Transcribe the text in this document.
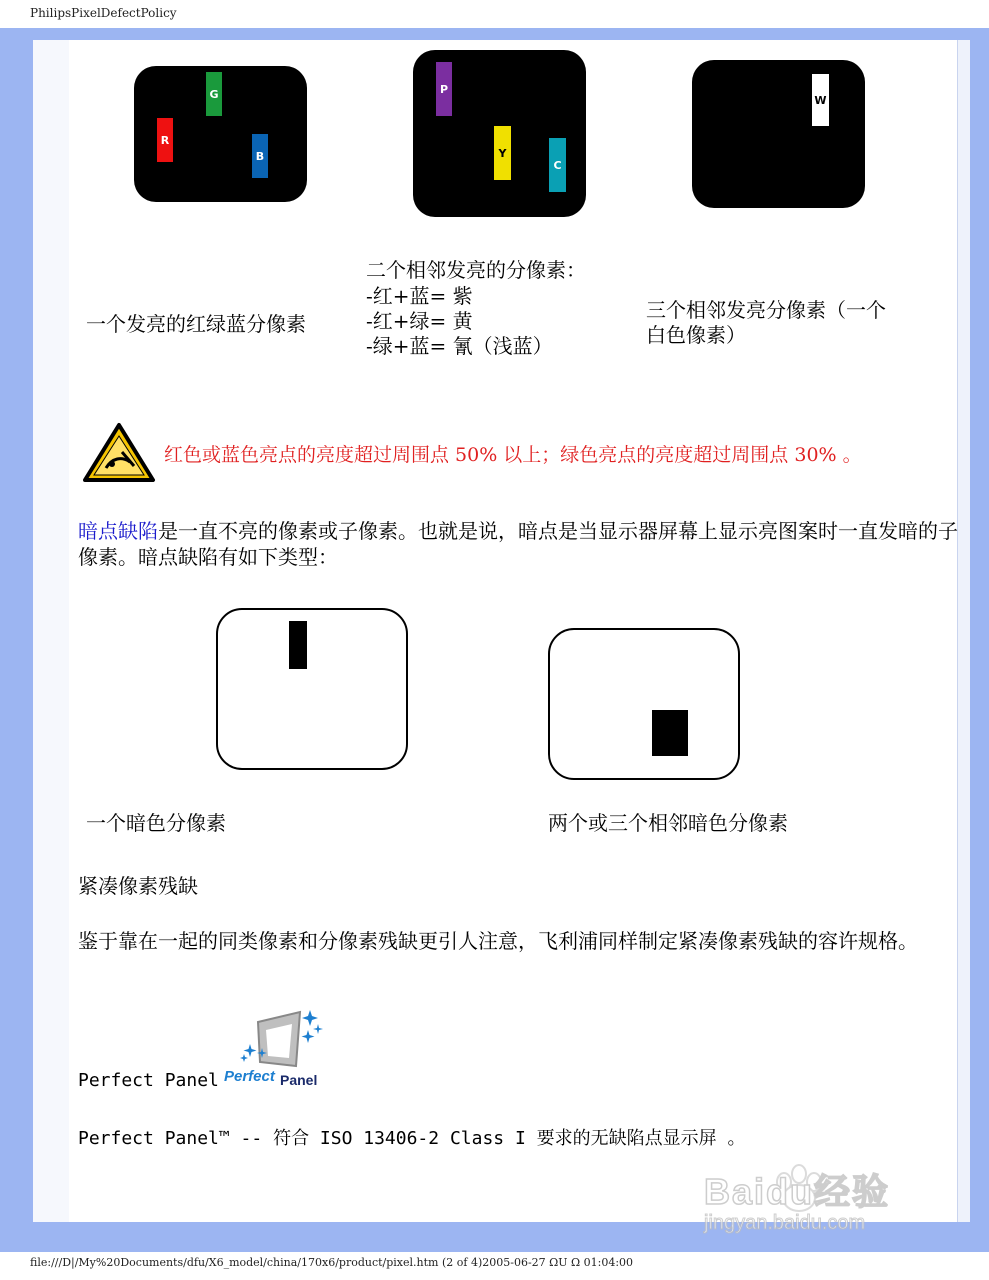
PhilipsPixelDefectPolicy
G
R
B
P
Y
C
W
一个发亮的红绿蓝分像素
二个相邻发亮的分像素：
-红+蓝= 紫
-红+绿= 黄
-绿+蓝= 氰（浅蓝）
三个相邻发亮分像素（一个
白色像素）
红色或蓝色亮点的亮度超过周围点 50% 以上；绿色亮点的亮度超过周围点 30% 。
暗点缺陷是一直不亮的像素或子像素。也就是说，暗点是当显示器屏幕上显示亮图案时一直发暗的子像素。暗点缺陷有如下类型：
一个暗色分像素	两个或三个相邻暗色分像素
紧凑像素残缺
鉴于靠在一起的同类像素和分像素残缺更引人注意，飞利浦同样制定紧凑像素残缺的容许规格。
Perfect Panel Perfect Panel
Perfect Panel™ -- 符合 ISO 13406-2 Class I 要求的无缺陷点显示屏 。
Baidu经验
jingyan.baidu.com
file:///D|/My%20Documents/dfu/X6_model/china/170x6/product/pixel.htm (2 of 4)2005-06-27 ΩU Ω 01:04:00
